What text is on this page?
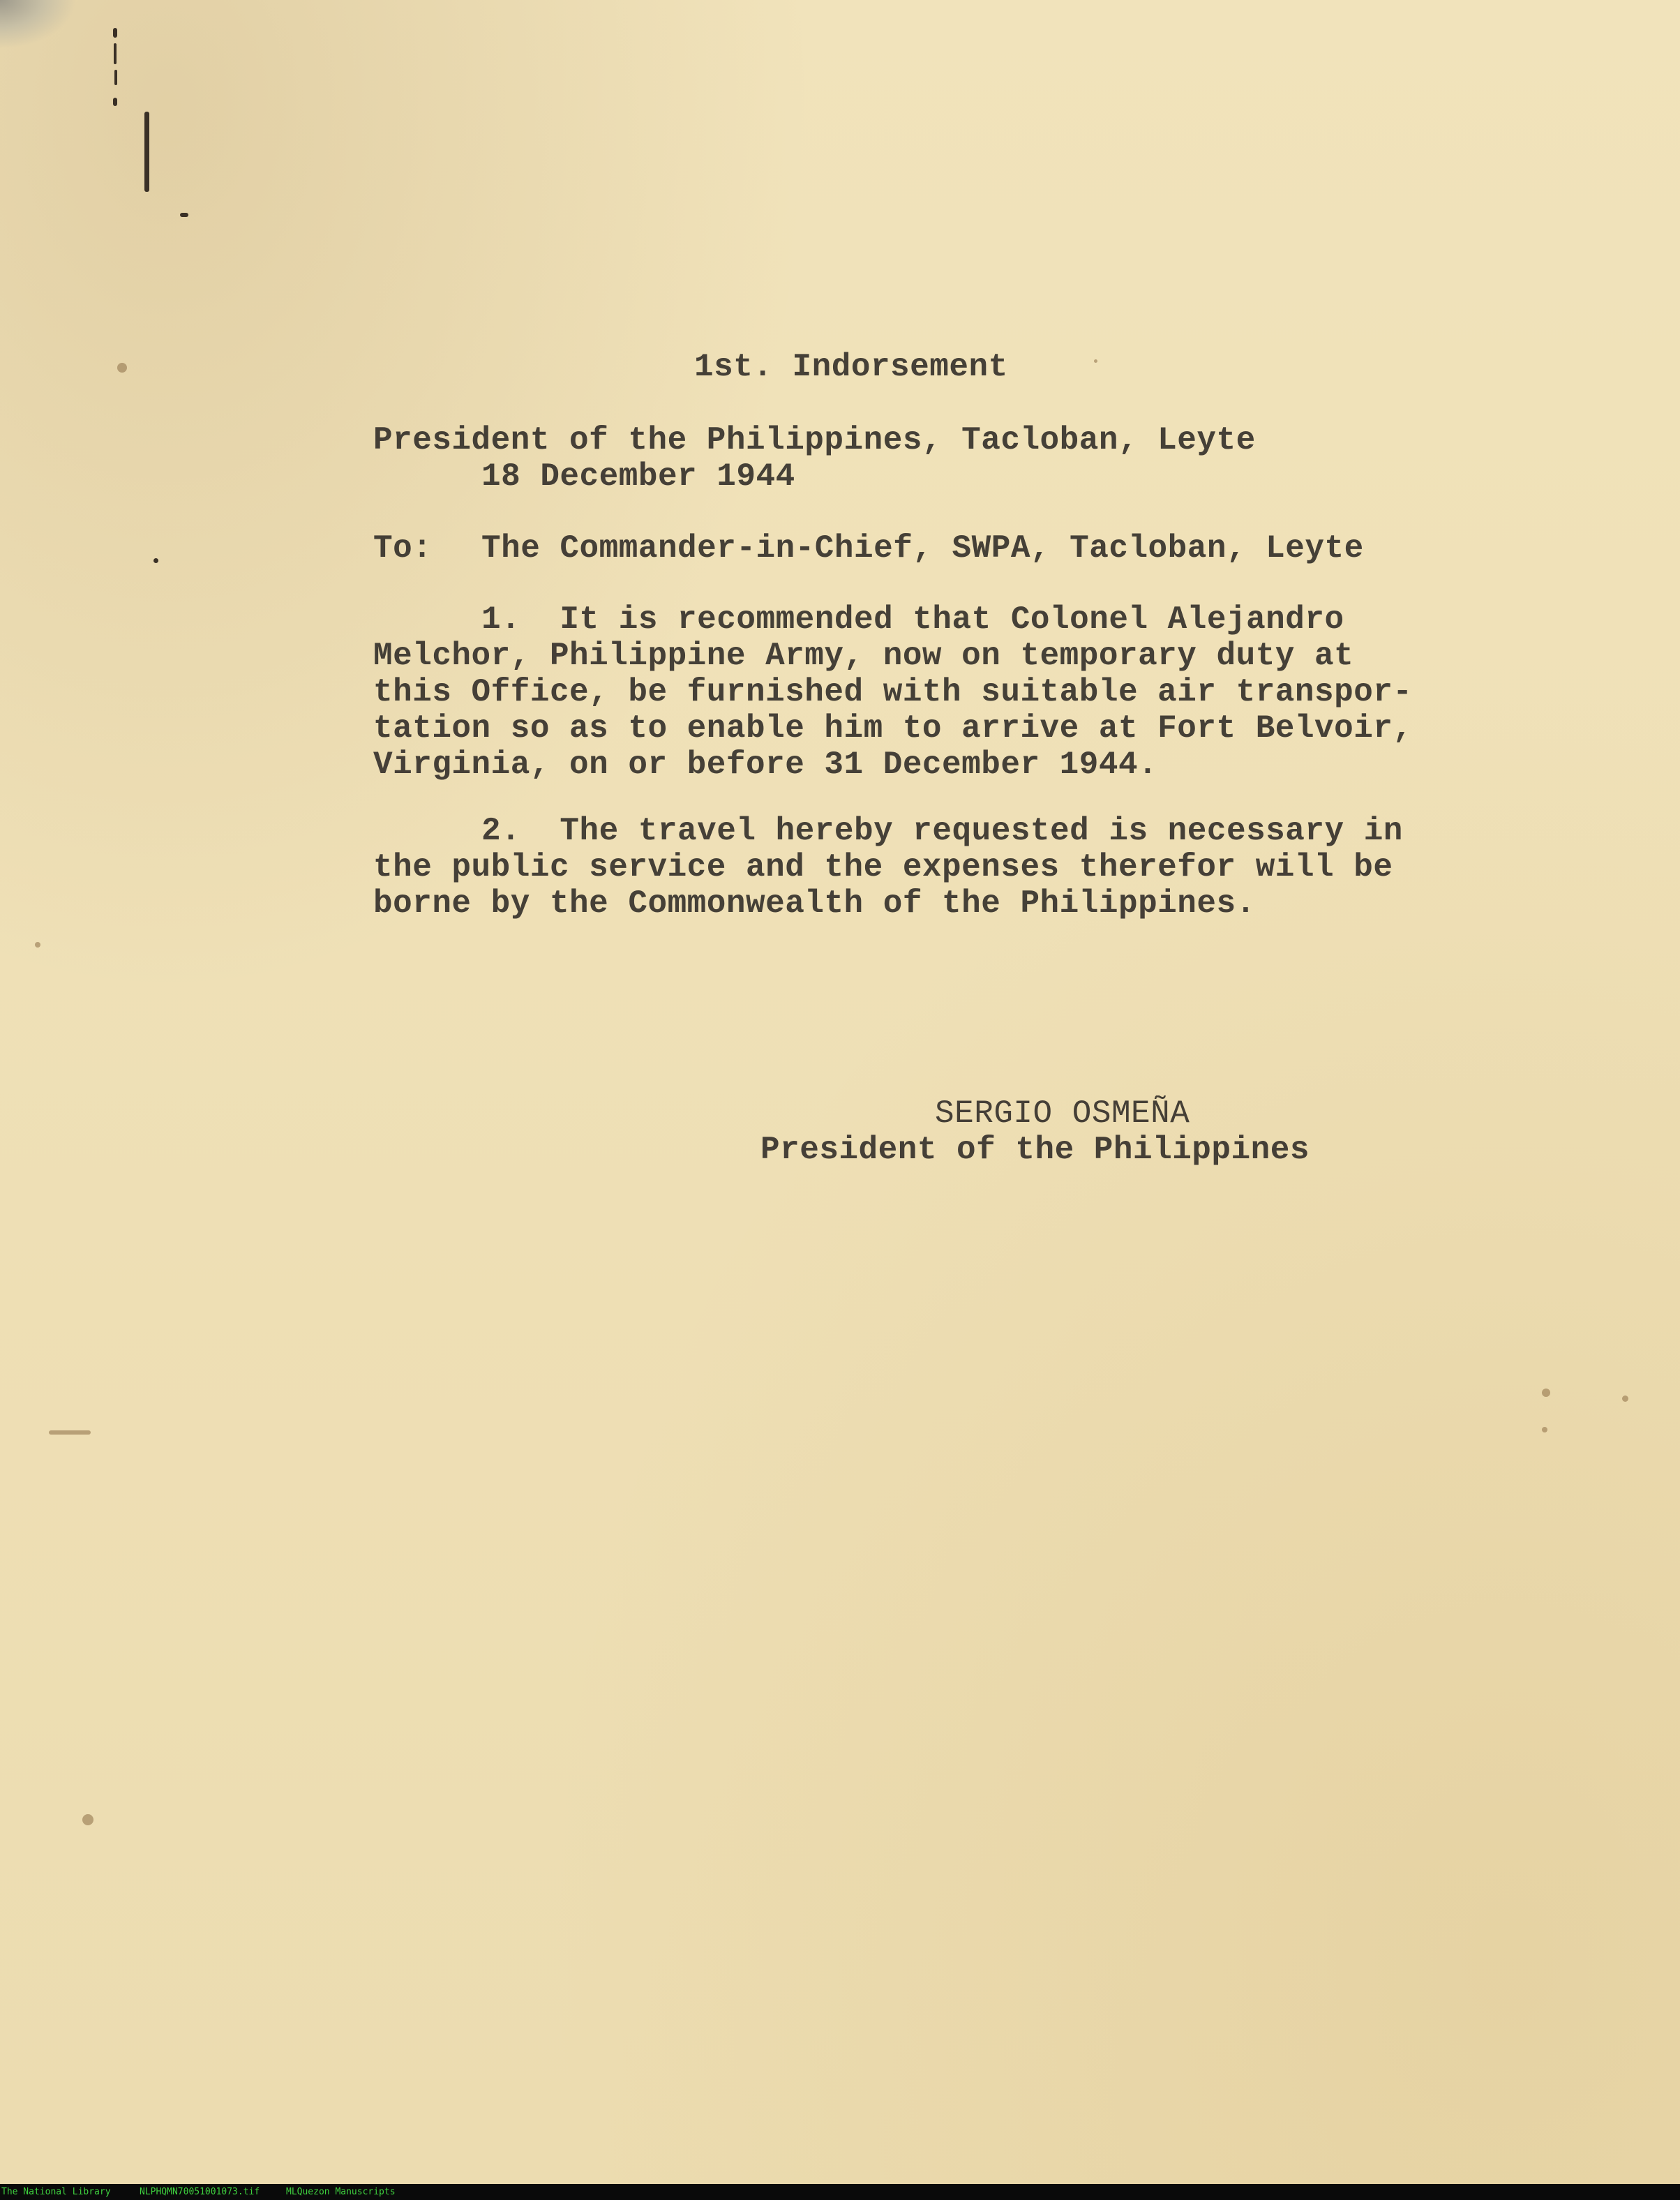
1st. Indorsement
President of the Philippines, Tacloban, Leyte
18 December 1944
To: The Commander-in-Chief, SWPA, Tacloban, Leyte
1.  It is recommended that Colonel Alejandro
Melchor, Philippine Army, now on temporary duty at
this Office, be furnished with suitable air transpor-
tation so as to enable him to arrive at Fort Belvoir,
Virginia, on or before 31 December 1944.
2.  The travel hereby requested is necessary in
the public service and the expenses therefor will be
borne by the Commonwealth of the Philippines.
SERGIO OSMEÑA
President of the Philippines
The National Library	NLPHQMN70051001073.tif	MLQuezon Manuscripts
